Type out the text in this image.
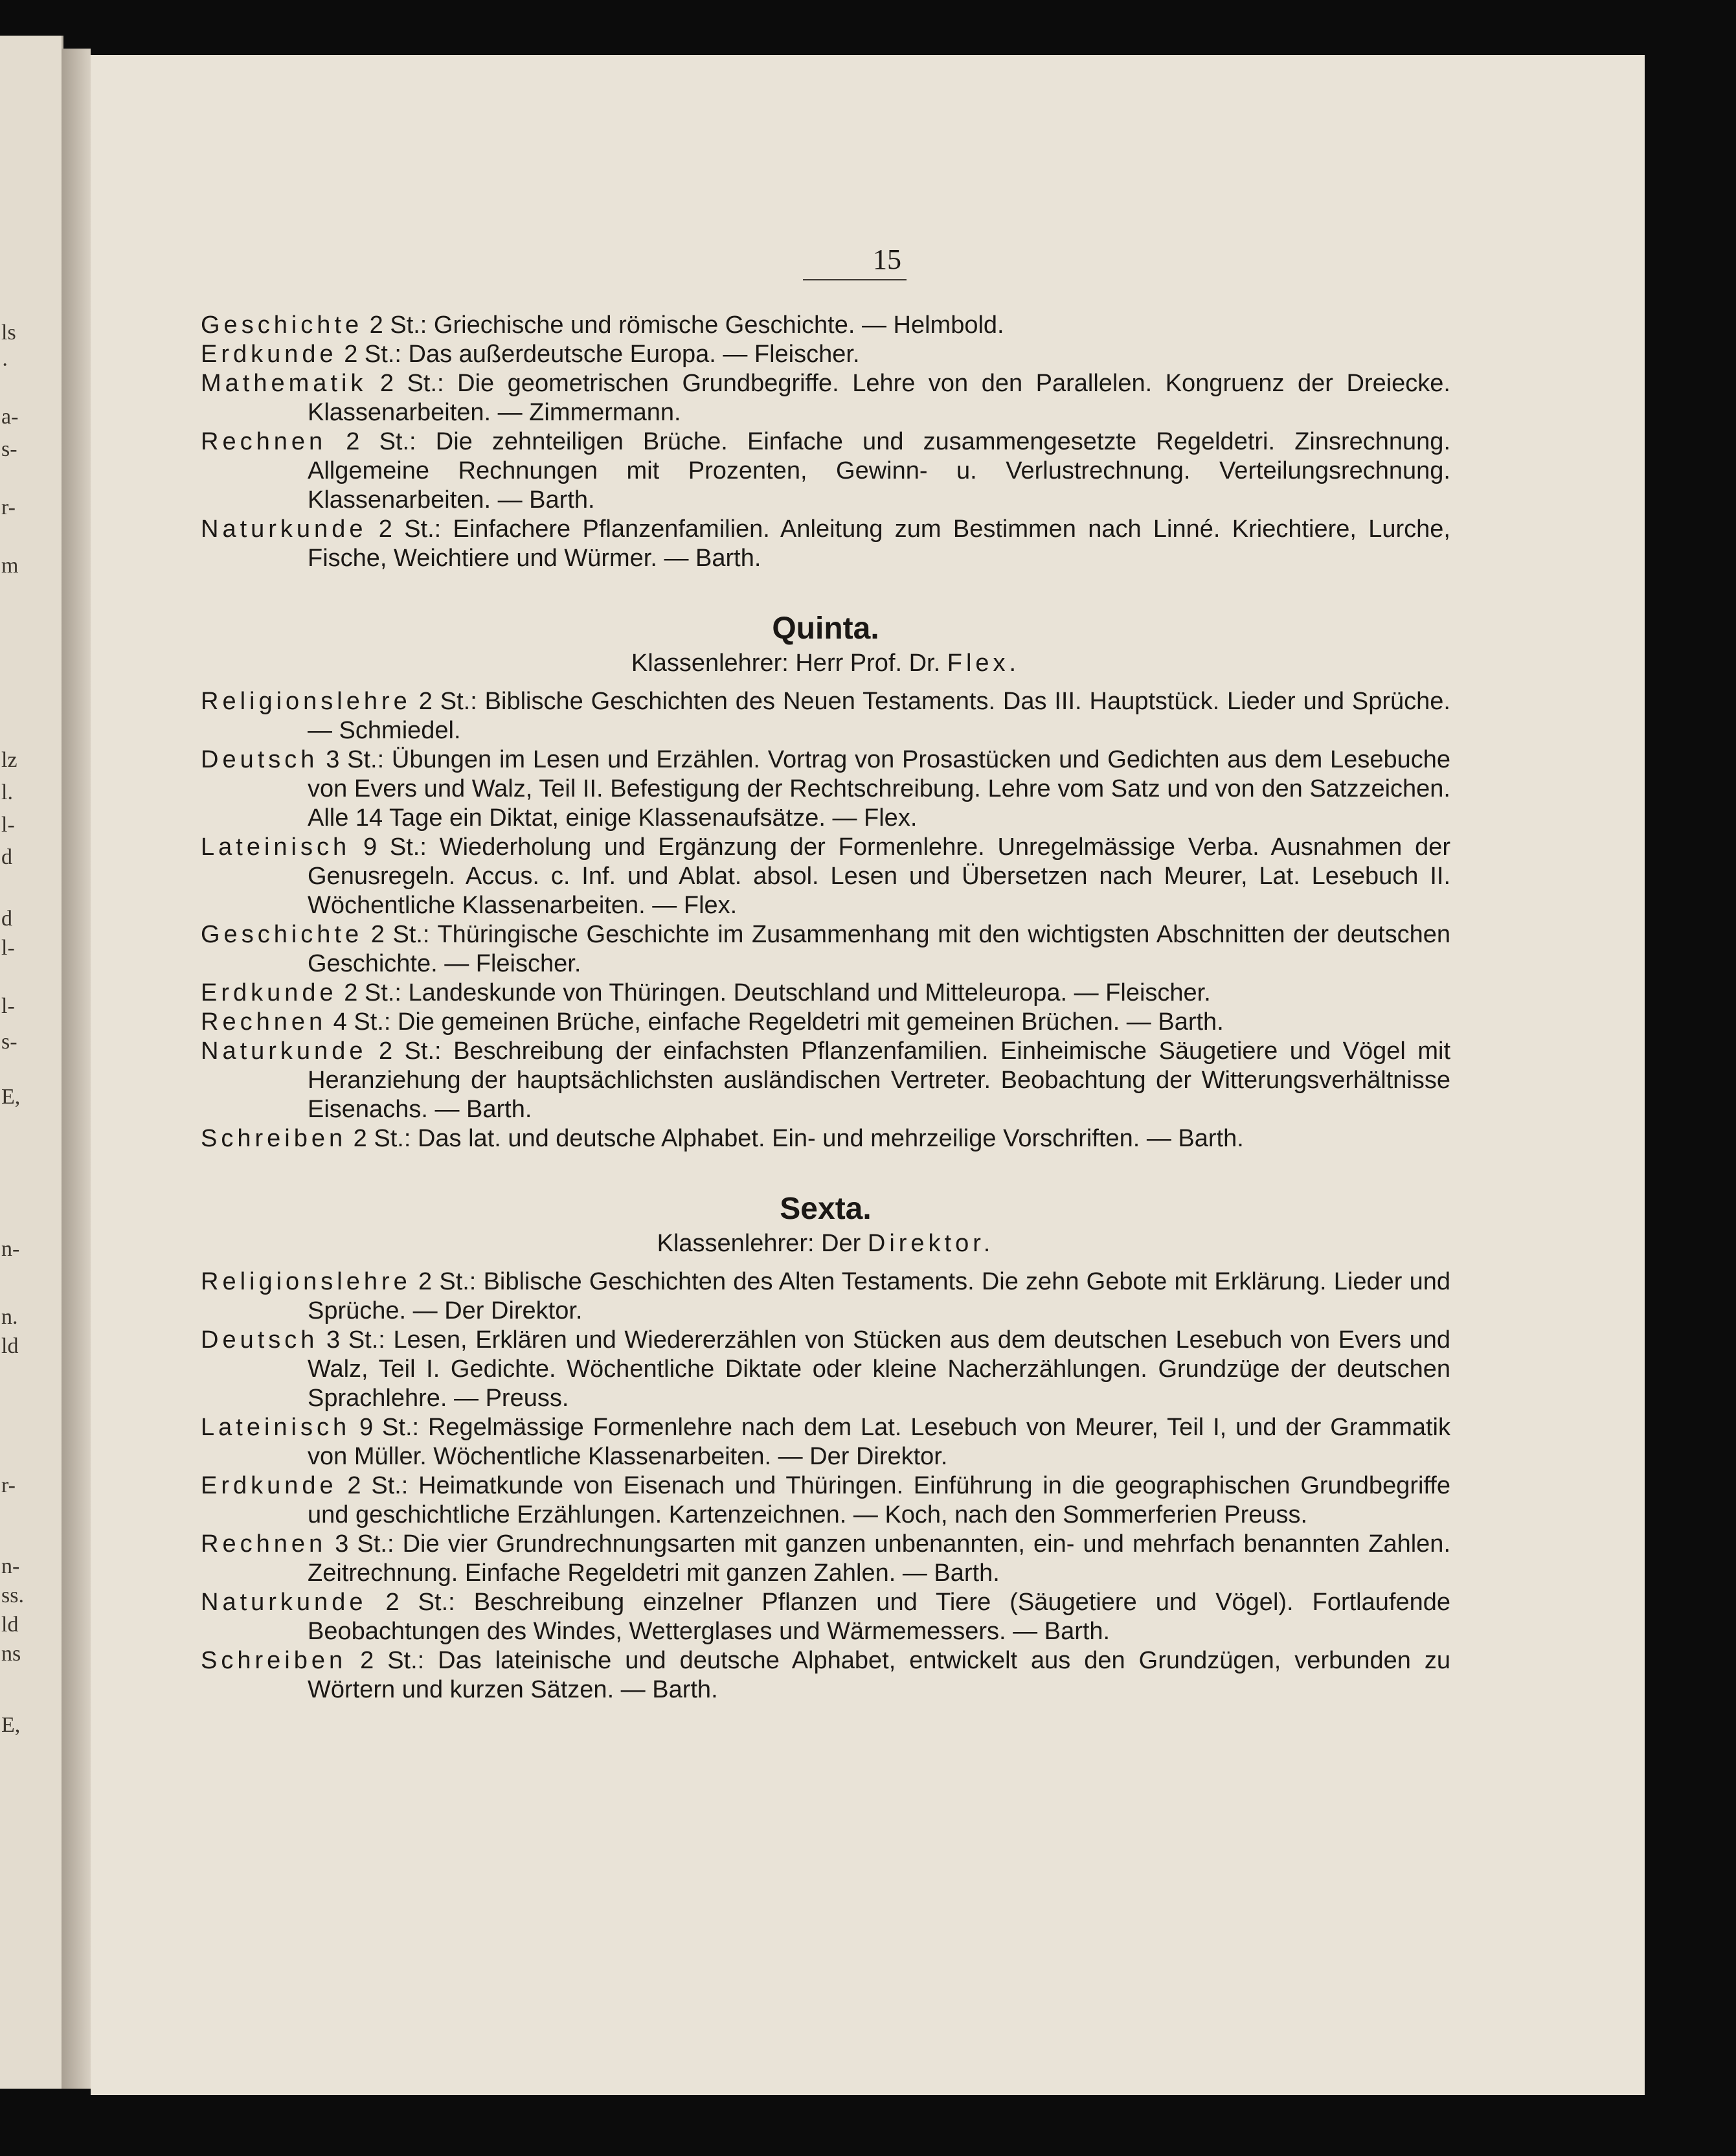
ls
·
a-
s-
r-
m
lz
l.
l-
d
d
l-
l-
s-
E,
n-
n.
ld
r-
n-
ss.
ld
ns
E,
15

Geschichte 2 St.: Griechische und römische Geschichte. — Helmbold.

Erdkunde 2 St.: Das außerdeutsche Europa. — Fleischer.

Mathematik 2 St.: Die geometrischen Grundbegriffe. Lehre von den Parallelen. Kongruenz der Dreiecke. Klassenarbeiten. — Zimmermann.

Rechnen 2 St.: Die zehnteiligen Brüche. Einfache und zusammengesetzte Regeldetri. Zinsrechnung. Allgemeine Rechnungen mit Prozenten, Gewinn- u. Verlustrechnung. Verteilungsrechnung. Klassenarbeiten. — Barth.

Naturkunde 2 St.: Einfachere Pflanzenfamilien. Anleitung zum Bestimmen nach Linné. Kriechtiere, Lurche, Fische, Weichtiere und Würmer. — Barth.

Quinta.
Klassenlehrer: Herr Prof. Dr. Flex.

Religionslehre 2 St.: Biblische Geschichten des Neuen Testaments. Das III. Hauptstück. Lieder und Sprüche. — Schmiedel.

Deutsch 3 St.: Übungen im Lesen und Erzählen. Vortrag von Prosastücken und Gedichten aus dem Lesebuche von Evers und Walz, Teil II. Befestigung der Rechtschreibung. Lehre vom Satz und von den Satzzeichen. Alle 14 Tage ein Diktat, einige Klassenaufsätze. — Flex.

Lateinisch 9 St.: Wiederholung und Ergänzung der Formenlehre. Unregelmässige Verba. Ausnahmen der Genusregeln. Accus. c. Inf. und Ablat. absol. Lesen und Übersetzen nach Meurer, Lat. Lesebuch II. Wöchentliche Klassenarbeiten. — Flex.

Geschichte 2 St.: Thüringische Geschichte im Zusammenhang mit den wichtigsten Abschnitten der deutschen Geschichte. — Fleischer.

Erdkunde 2 St.: Landeskunde von Thüringen. Deutschland und Mitteleuropa. — Fleischer.

Rechnen 4 St.: Die gemeinen Brüche, einfache Regeldetri mit gemeinen Brüchen. — Barth.

Naturkunde 2 St.: Beschreibung der einfachsten Pflanzenfamilien. Einheimische Säugetiere und Vögel mit Heranziehung der hauptsächlichsten ausländischen Vertreter. Beobachtung der Witterungsverhältnisse Eisenachs. — Barth.

Schreiben 2 St.: Das lat. und deutsche Alphabet. Ein- und mehrzeilige Vorschriften. — Barth.

Sexta.
Klassenlehrer: Der Direktor.

Religionslehre 2 St.: Biblische Geschichten des Alten Testaments. Die zehn Gebote mit Erklärung. Lieder und Sprüche. — Der Direktor.

Deutsch 3 St.: Lesen, Erklären und Wiedererzählen von Stücken aus dem deutschen Lesebuch von Evers und Walz, Teil I. Gedichte. Wöchentliche Diktate oder kleine Nacherzählungen. Grundzüge der deutschen Sprachlehre. — Preuss.

Lateinisch 9 St.: Regelmässige Formenlehre nach dem Lat. Lesebuch von Meurer, Teil I, und der Grammatik von Müller. Wöchentliche Klassenarbeiten. — Der Direktor.

Erdkunde 2 St.: Heimatkunde von Eisenach und Thüringen. Einführung in die geographischen Grundbegriffe und geschichtliche Erzählungen. Kartenzeichnen. — Koch, nach den Sommerferien Preuss.

Rechnen 3 St.: Die vier Grundrechnungsarten mit ganzen unbenannten, ein- und mehrfach benannten Zahlen. Zeitrechnung. Einfache Regeldetri mit ganzen Zahlen. — Barth.

Naturkunde 2 St.: Beschreibung einzelner Pflanzen und Tiere (Säugetiere und Vögel). Fortlaufende Beobachtungen des Windes, Wetterglases und Wärmemessers. — Barth.

Schreiben 2 St.: Das lateinische und deutsche Alphabet, entwickelt aus den Grundzügen, verbunden zu Wörtern und kurzen Sätzen. — Barth.
